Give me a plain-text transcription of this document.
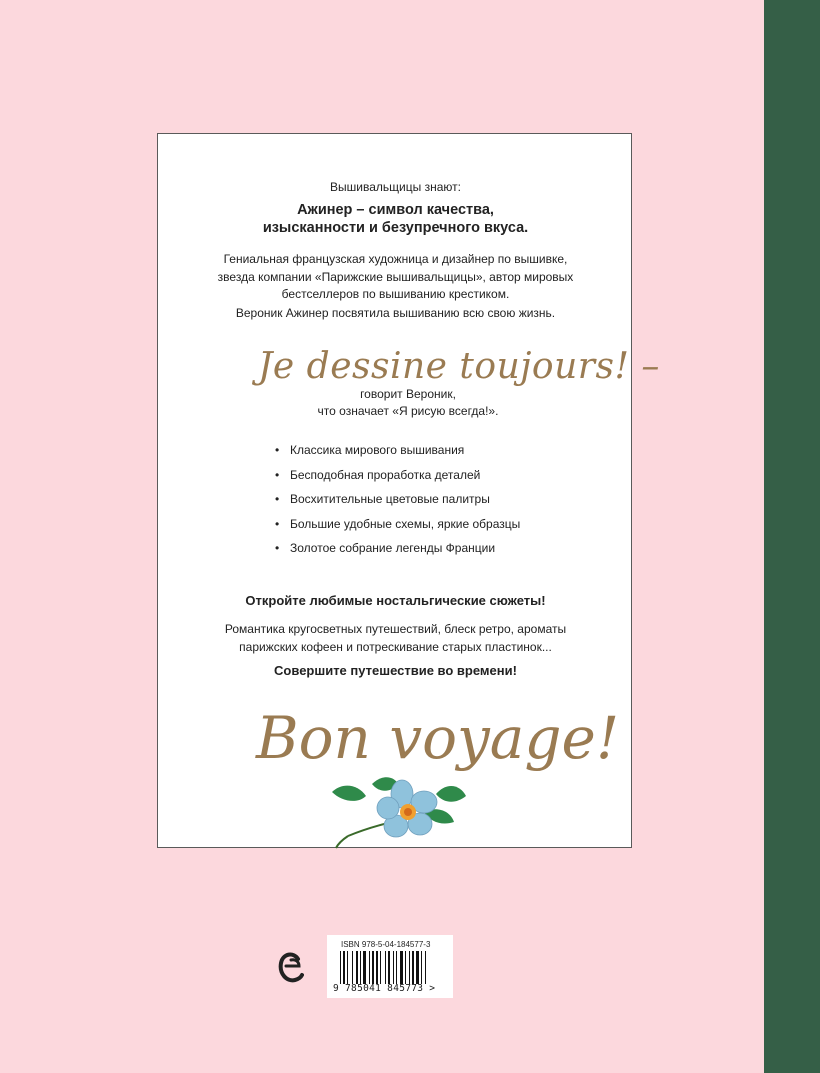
Вышивальщицы знают:
Ажинер – символ качества,
изысканности и безупречного вкуса.
Гениальная французская художница и дизайнер по вышивке,
звезда компании «Парижские вышивальщицы», автор мировых
бестселлеров по вышиванию крестиком.
Вероник Ажинер посвятила вышиванию всю свою жизнь.
Je dessine toujours! –
говорит Вероник,
что означает «Я рисую всегда!».
• Классика мирового вышивания
• Бесподобная проработка деталей
• Восхитительные цветовые палитры
• Большие удобные схемы, яркие образцы
• Золотое собрание легенды Франции
Откройте любимые ностальгические сюжеты!
Романтика кругосветных путешествий, блеск ретро, ароматы
парижских кофеен и потрескивание старых пластинок...
Совершите путешествие во времени!
Bon voyage!
ISBN 978-5-04-184577-3
9 785041 845773 >
